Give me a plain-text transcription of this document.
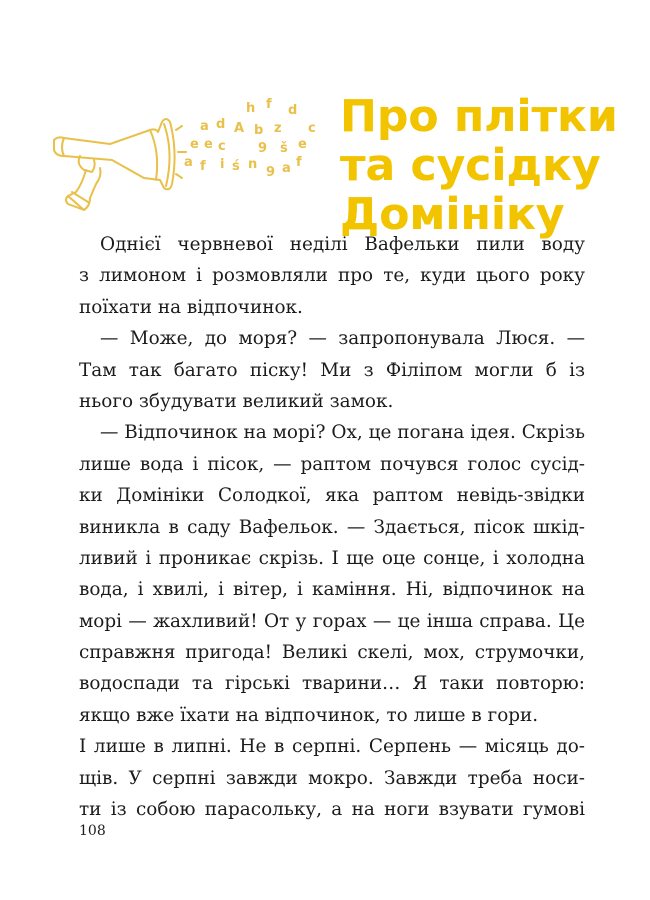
h f d
a d A b z c
e e c 9 š e
a f i ś n
9 a f
Про плітки
та сусідку
Домініку
Однієї червневої неділі Вафельки пили воду
з лимоном і розмовляли про те, куди цього року
поїхати на відпочинок.
— Може, до моря? — запропонувала Люся. —
Там так багато піску! Ми з Філіпом могли б із
нього збудувати великий замок.
— Відпочинок на морі? Ох, це погана ідея. Скрізь
лише вода і пісок, — раптом почувся голос сусід-
ки Домініки Солодкої, яка раптом невідь-звідки
виникла в саду Вафельок. — Здається, пісок шкід-
ливий і проникає скрізь. І ще оце сонце, і холодна
вода, і хвилі, і вітер, і каміння. Ні, відпочинок на
морі — жахливий! От у горах — це інша справа. Це
справжня пригода! Великі скелі, мох, струмочки,
водоспади та гірські тварини… Я таки повторю:
якщо вже їхати на відпочинок, то лише в гори.
І лише в липні. Не в серпні. Серпень — місяць до-
щів. У серпні завжди мокро. Завжди треба носи-
ти із собою парасольку, а на ноги взувати гумові
108
